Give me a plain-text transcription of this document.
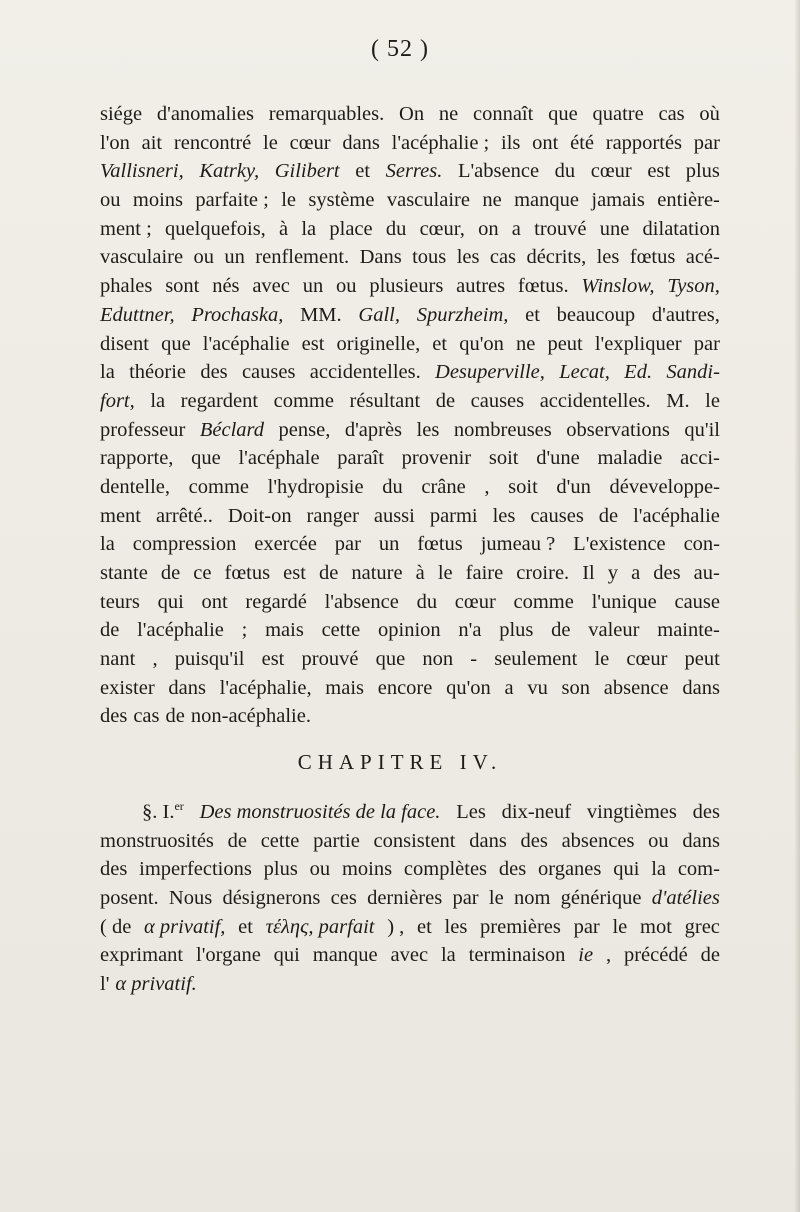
( 52 )
siége d'anomalies remarquables. On ne connaît que quatre cas où
l'on ait rencontré le cœur dans l'acéphalie ; ils ont été rapportés par
Vallisneri, Katrky, Gilibert et Serres. L'absence du cœur est plus
ou moins parfaite ; le système vasculaire ne manque jamais entière-
ment ; quelquefois, à la place du cœur, on a trouvé une dilatation
vasculaire ou un renflement. Dans tous les cas décrits, les fœtus acé-
phales sont nés avec un ou plusieurs autres fœtus. Winslow, Tyson,
Eduttner, Prochaska, MM. Gall, Spurzheim, et beaucoup d'autres,
disent que l'acéphalie est originelle, et qu'on ne peut l'expliquer par
la théorie des causes accidentelles. Desuperville, Lecat, Ed. Sandi-
fort, la regardent comme résultant de causes accidentelles. M. le
professeur Béclard pense, d'après les nombreuses observations qu'il
rapporte, que l'acéphale paraît provenir soit d'une maladie acci-
dentelle, comme l'hydropisie du crâne , soit d'un déveveloppe-
ment arrêté.. Doit-on ranger aussi parmi les causes de l'acéphalie
la compression exercée par un fœtus jumeau ? L'existence con-
stante de ce fœtus est de nature à le faire croire. Il y a des au-
teurs qui ont regardé l'absence du cœur comme l'unique cause
de l'acéphalie ; mais cette opinion n'a plus de valeur mainte-
nant , puisqu'il est prouvé que non - seulement le cœur peut
exister dans l'acéphalie, mais encore qu'on a vu son absence dans
des cas de non-acéphalie.
CHAPITRE IV.
§. I.$^{er}$ Des monstruosités de la face. Les dix-neuf vingtièmes des
monstruosités de cette partie consistent dans des absences ou dans
des imperfections plus ou moins complètes des organes qui la com-
posent. Nous désignerons ces dernières par le nom générique d'atélies
( de α privatif, et τέλης, parfait ) , et les premières par le mot grec
exprimant l'organe qui manque avec la terminaison ie , précédé de
l' α privatif.
